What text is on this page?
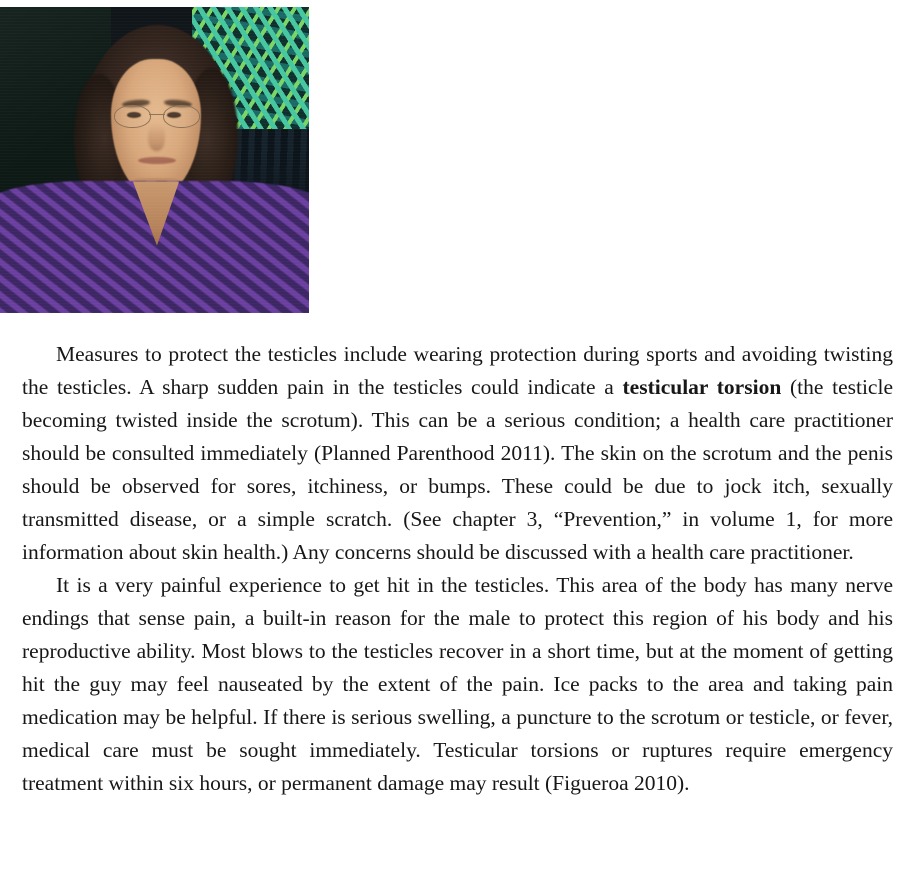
Measures to protect the testicles include wearing protection during sports and avoiding twisting the testicles. A sharp sudden pain in the testicles could indicate a testicular torsion (the testicle becoming twisted inside the scrotum). This can be a serious condition; a health care practitioner should be consulted immediately (Planned Parenthood 2011). The skin on the scrotum and the penis should be observed for sores, itchiness, or bumps. These could be due to jock itch, sexually transmitted disease, or a simple scratch. (See chapter 3, “Prevention,” in volume 1, for more information about skin health.) Any concerns should be discussed with a health care practitioner.

It is a very painful experience to get hit in the testicles. This area of the body has many nerve endings that sense pain, a built-in reason for the male to protect this region of his body and his reproductive ability. Most blows to the testicles recover in a short time, but at the moment of getting hit the guy may feel nauseated by the extent of the pain. Ice packs to the area and taking pain medication may be helpful. If there is serious swelling, a puncture to the scrotum or testicle, or fever, medical care must be sought immediately. Testicular torsions or ruptures require emergency treatment within six hours, or permanent damage may result (Figueroa 2010).
